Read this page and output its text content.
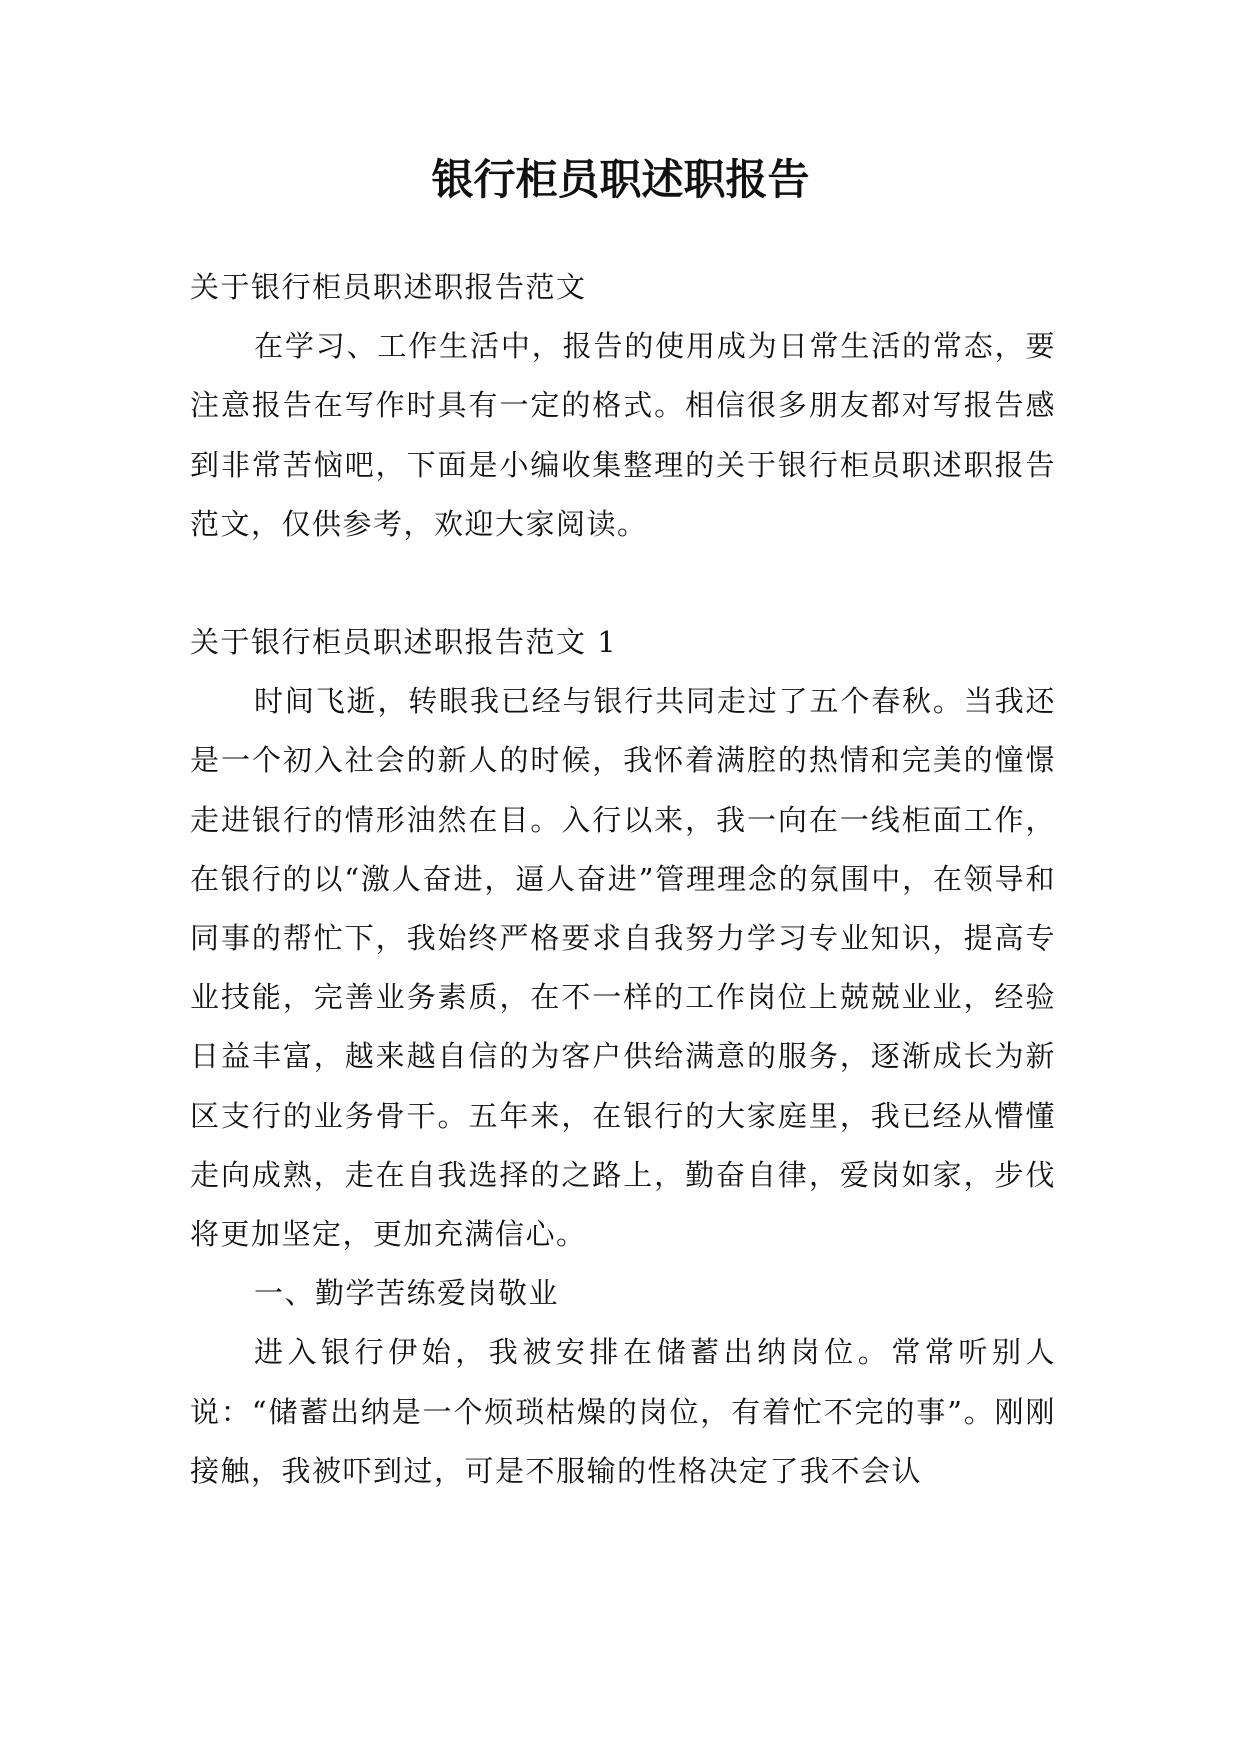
银行柜员职述职报告

关于银行柜员职述职报告范文

在学习、工作生活中，报告的使用成为日常生活的常态，要注意报告在写作时具有一定的格式。相信很多朋友都对写报告感到非常苦恼吧，下面是小编收集整理的关于银行柜员职述职报告范文，仅供参考，欢迎大家阅读。

关于银行柜员职述职报告范文 1

时间飞逝，转眼我已经与银行共同走过了五个春秋。当我还是一个初入社会的新人的时候，我怀着满腔的热情和完美的憧憬走进银行的情形油然在目。入行以来，我一向在一线柜面工作，在银行的以“激人奋进，逼人奋进”管理理念的氛围中，在领导和同事的帮忙下，我始终严格要求自我努力学习专业知识，提高专业技能，完善业务素质，在不一样的工作岗位上兢兢业业，经验日益丰富，越来越自信的为客户供给满意的服务，逐渐成长为新区支行的业务骨干。五年来，在银行的大家庭里，我已经从懵懂走向成熟，走在自我选择的之路上，勤奋自律，爱岗如家，步伐将更加坚定，更加充满信心。

一、勤学苦练爱岗敬业

进入银行伊始，我被安排在储蓄出纳岗位。常常听别人说：“储蓄出纳是一个烦琐枯燥的岗位，有着忙不完的事”。刚刚接触，我被吓到过，可是不服输的性格决定了我不会认
